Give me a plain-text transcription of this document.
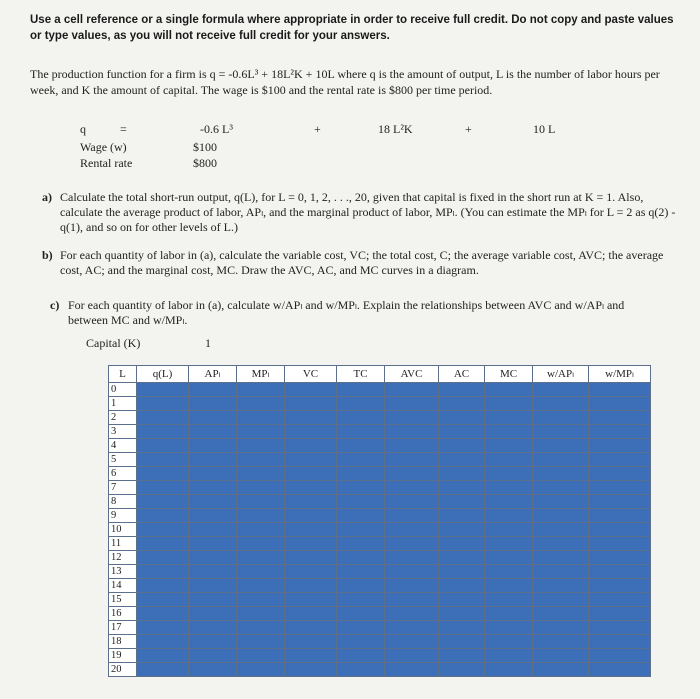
Use a cell reference or a single formula where appropriate in order to receive full credit. Do not copy and paste values or type values, as you will not receive full credit for your answers.
The production function for a firm is q = -0.6L³ + 18L²K + 10L where q is the amount of output, L is the number of labor hours per week, and K the amount of capital. The wage is $100 and the rental rate is $800 per time period.
q	=	-0.6 L³	+	18 L²K	+	10 L
Wage (w)	$100
Rental rate	$800
a) Calculate the total short-run output, q(L), for L = 0, 1, 2, . . ., 20, given that capital is fixed in the short run at K = 1. Also, calculate the average product of labor, APₗ, and the marginal product of labor, MPₗ. (You can estimate the MPₗ for L = 2 as q(2) - q(1), and so on for other levels of L.)
b) For each quantity of labor in (a), calculate the variable cost, VC; the total cost, C; the average variable cost, AVC; the average cost, AC; and the marginal cost, MC. Draw the AVC, AC, and MC curves in a diagram.
c) For each quantity of labor in (a), calculate w/APₗ and w/MPₗ. Explain the relationships between AVC and w/APₗ and between MC and w/MPₗ.
Capital (K)	1
L	q(L)	APₗ	MPₗ	VC	TC	AVC	AC	MC	w/APₗ	w/MPₗ
0										
1										
2										
3										
4										
5										
6										
7										
8										
9										
10										
11										
12										
13										
14										
15										
16										
17										
18										
19										
20										
